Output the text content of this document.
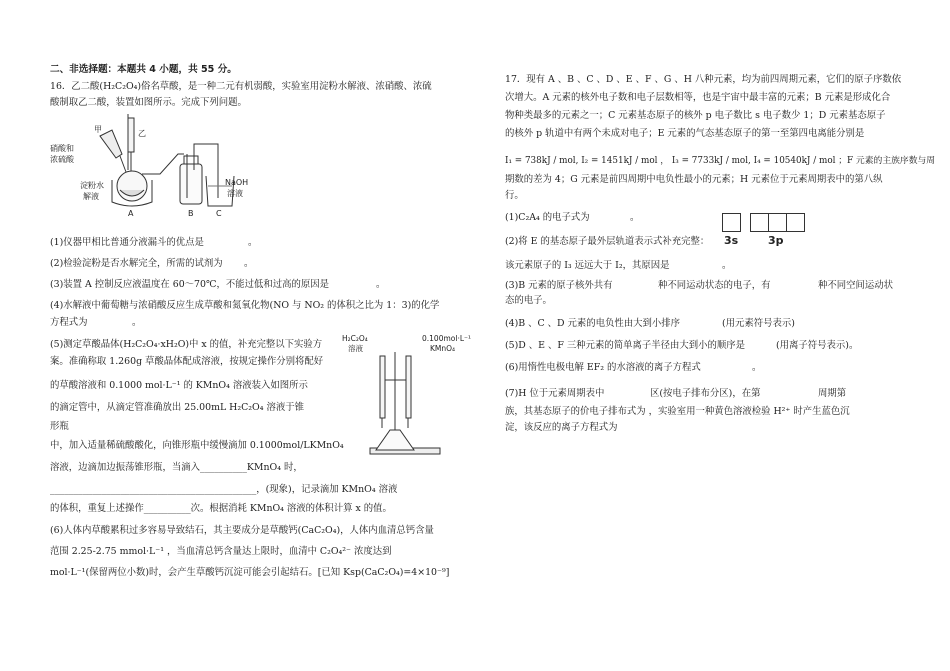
二、非选择题：本题共 4 小题，共 55 分。
16．乙二酸(H₂C₂O₄)俗名草酸，是一种二元有机弱酸，实验室用淀粉水解液、浓硝酸、浓硫
酸制取乙二酸，装置如图所示。完成下列问题。
甲	乙
硝酸和
浓硫酸
淀粉水
解液
A	B	C
NaOH
溶液
(1)仪器甲相比普通分液漏斗的优点是	。
(2)检验淀粉是否水解完全，所需的试剂为 。
(3)装置 A 控制反应液温度在 60～70℃，不能过低和过高的原因是	。
(4)水解液中葡萄糖与浓硝酸反应生成草酸和氮氧化物(NO 与 NO₂ 的体积之比为 1：3)的化学
方程式为	。
(5)测定草酸晶体(H₂C₂O₄·xH₂O)中 x 的值，补充完整以下实验方
案。准确称取 1.260g 草酸晶体配成溶液，按规定操作分别将配好
的草酸溶液和 0.1000 mol·L⁻¹ 的 KMnO₄ 溶液装入如图所示
的滴定管中，从滴定管准确放出 25.00mL H₂C₂O₄ 溶液于锥
形瓶
中，加入适量稀硫酸酸化，向锥形瓶中缓慢滴加 0.1000mol/LKMnO₄
溶液，边滴加边振荡锥形瓶，当滴入__________KMnO₄ 时，
____________________________________________，(现象)，记录滴加 KMnO₄ 溶液
的体积，重复上述操作__________次。根据消耗 KMnO₄ 溶液的体积计算 x 的值。
H₂C₂O₄
溶液
0.100mol·L⁻¹
KMnO₄
(6)人体内草酸累积过多容易导致结石，其主要成分是草酸钙(CaC₂O₄)，人体内血清总钙含量
范围 2.25-2.75 mmol·L⁻¹ ，当血清总钙含量达上限时，血清中 C₂O₄²⁻ 浓度达到
mol·L⁻¹(保留两位小数)时，会产生草酸钙沉淀可能会引起结石。[已知 Ksp(CaC₂O₄)=4×10⁻⁹]
17．现有 A 、B 、C 、D 、E 、F 、G 、H 八种元素，均为前四周期元素，它们的原子序数依
次增大。A 元素的核外电子数和电子层数相等，也是宇宙中最丰富的元素；B 元素是形成化合
物种类最多的元素之一；C 元素基态原子的核外 p 电子数比 s 电子数少 1；D 元素基态原子
的核外 p 轨道中有两个未成对电子；E 元素的气态基态原子的第一至第四电离能分别是
I₁ = 738kJ / mol, I₂ = 1451kJ / mol ， I₃ = 7733kJ / mol, I₄ = 10540kJ / mol ；F 元素的主族序数与周
期数的差为 4；G 元素是前四周期中电负性最小的元素；H 元素位于元素周期表中的第八纵
行。
(1)C₂A₄ 的电子式为	。
(2)将 E 的基态原子最外层轨道表示式补充完整： 3s	3p
该元素原子的 I₃ 远远大于 I₂，其原因是	。
(3)B 元素的原子核外共有	种不同运动状态的电子，有	种不同空间运动状
态的电子。
(4)B 、C 、D 元素的电负性由大到小排序	(用元素符号表示)
(5)D 、E 、F 三种元素的简单离子半径由大到小的顺序是	(用离子符号表示)。
(6)用惰性电极电解 EF₂ 的水溶液的离子方程式	。
(7)H 位于元素周期表中	区(按电子排布分区)，在第	周期第
族，其基态原子的价电子排布式为 ，实验室用一种黄色溶液检验 H²⁺ 时产生蓝色沉
淀，该反应的离子方程式为
